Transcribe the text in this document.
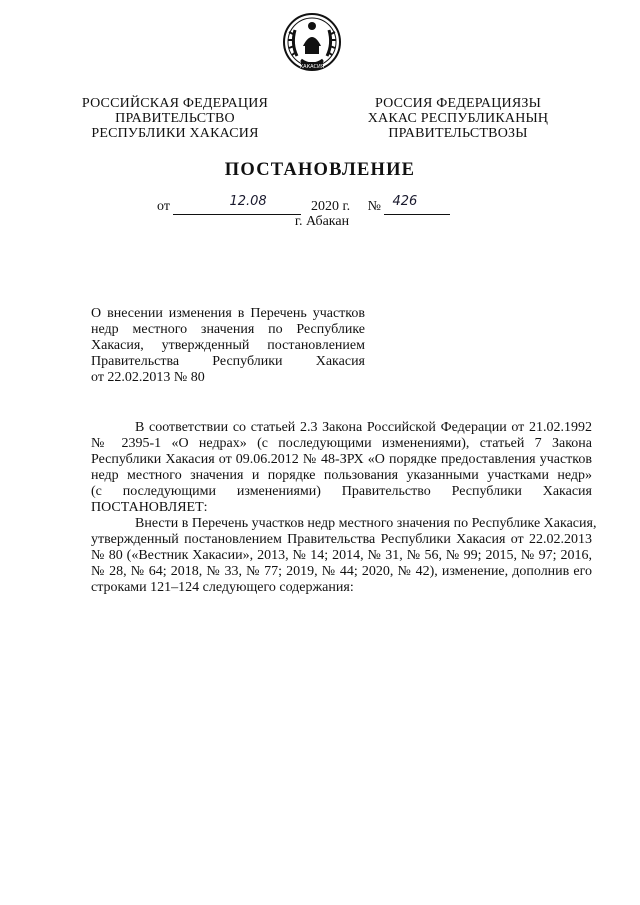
ХАКАСИЯ
РОССИЙСКАЯ ФЕДЕРАЦИЯ
ПРАВИТЕЛЬСТВО
РЕСПУБЛИКИ ХАКАСИЯ
РОССИЯ ФЕДЕРАЦИЯЗЫ
ХАКАС РЕСПУБЛИКАНЫҢ
ПРАВИТЕЛЬСТВОЗЫ
ПОСТАНОВЛЕНИЕ
от	12.08	2020 г. № 426
г. Абакан
О внесении изменения в Перечень участков
недр местного значения по Республике
Хакасия, утвержденный постановлением
Правительства Республики Хакасия
от 22.02.2013 № 80
В соответствии со статьей 2.3 Закона Российской Федерации от 21.02.1992
№ 2395-1 «О недрах» (с последующими изменениями), статьей 7 Закона
Республики Хакасия от 09.06.2012 № 48-ЗРХ «О порядке предоставления участков
недр местного значения и порядке пользования указанными участками недр»
(с последующими изменениями) Правительство Республики Хакасия
ПОСТАНОВЛЯЕТ:
Внести в Перечень участков недр местного значения по Республике Хакасия,
утвержденный постановлением Правительства Республики Хакасия от 22.02.2013
№ 80 («Вестник Хакасии», 2013, № 14; 2014, № 31, № 56, № 99; 2015, № 97; 2016,
№ 28, № 64; 2018, № 33, № 77; 2019, № 44; 2020, № 42), изменение, дополнив его
строками 121–124 следующего содержания:
